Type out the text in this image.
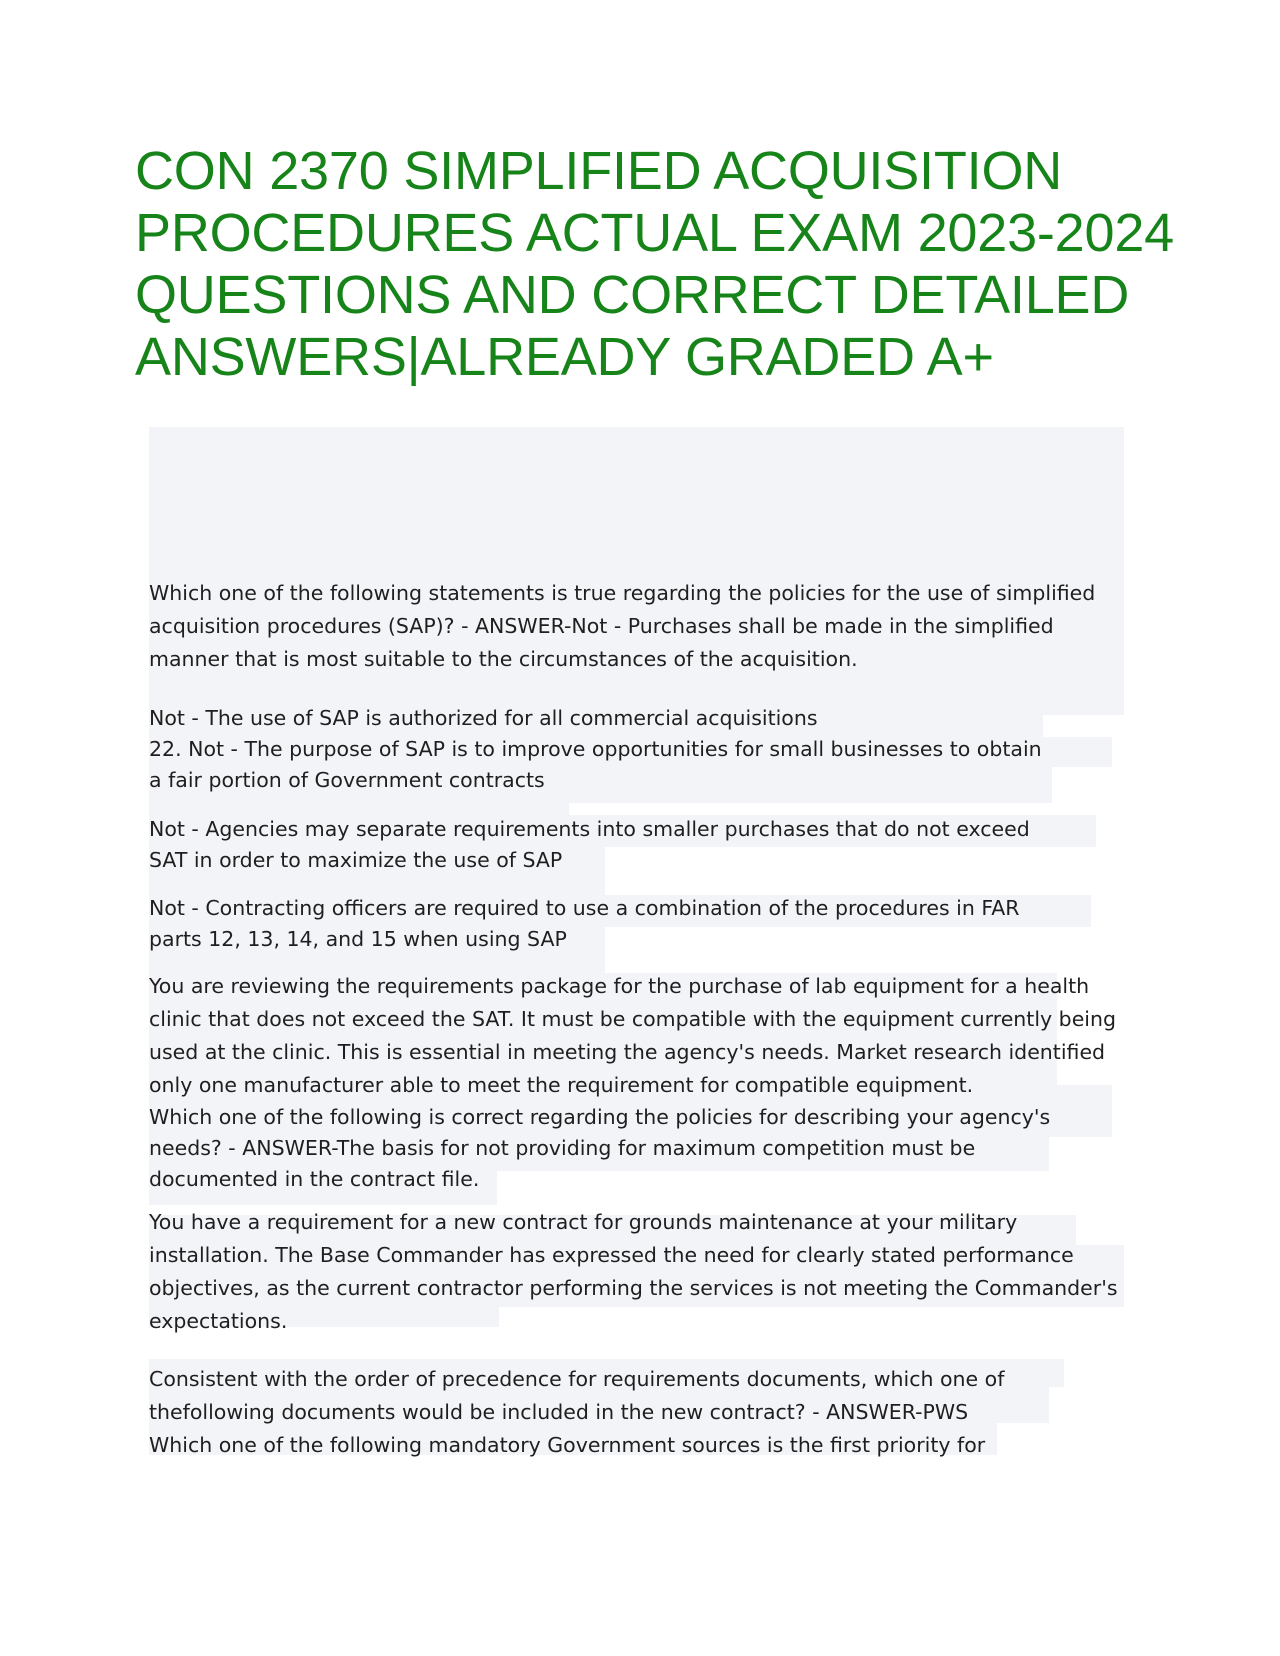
CON 2370 SIMPLIFIED ACQUISITION
PROCEDURES ACTUAL EXAM 2023-2024
QUESTIONS AND CORRECT DETAILED
ANSWERS|ALREADY GRADED A+

Which one of the following statements is true regarding the policies for the use of simplified
acquisition procedures (SAP)? - ANSWER-Not - Purchases shall be made in the simplified
manner that is most suitable to the circumstances of the acquisition.

Not - The use of SAP is authorized for all commercial acquisitions
22. Not - The purpose of SAP is to improve opportunities for small businesses to obtain
a fair portion of Government contracts

Not - Agencies may separate requirements into smaller purchases that do not exceed
SAT in order to maximize the use of SAP

Not - Contracting officers are required to use a combination of the procedures in FAR
parts 12, 13, 14, and 15 when using SAP

You are reviewing the requirements package for the purchase of lab equipment for a health
clinic that does not exceed the SAT. It must be compatible with the equipment currently being
used at the clinic. This is essential in meeting the agency's needs. Market research identified
only one manufacturer able to meet the requirement for compatible equipment.
Which one of the following is correct regarding the policies for describing your agency's
needs? - ANSWER-The basis for not providing for maximum competition must be
documented in the contract file.

You have a requirement for a new contract for grounds maintenance at your military
installation. The Base Commander has expressed the need for clearly stated performance
objectives, as the current contractor performing the services is not meeting the Commander's
expectations.

Consistent with the order of precedence for requirements documents, which one of
thefollowing documents would be included in the new contract? - ANSWER-PWS
Which one of the following mandatory Government sources is the first priority for
